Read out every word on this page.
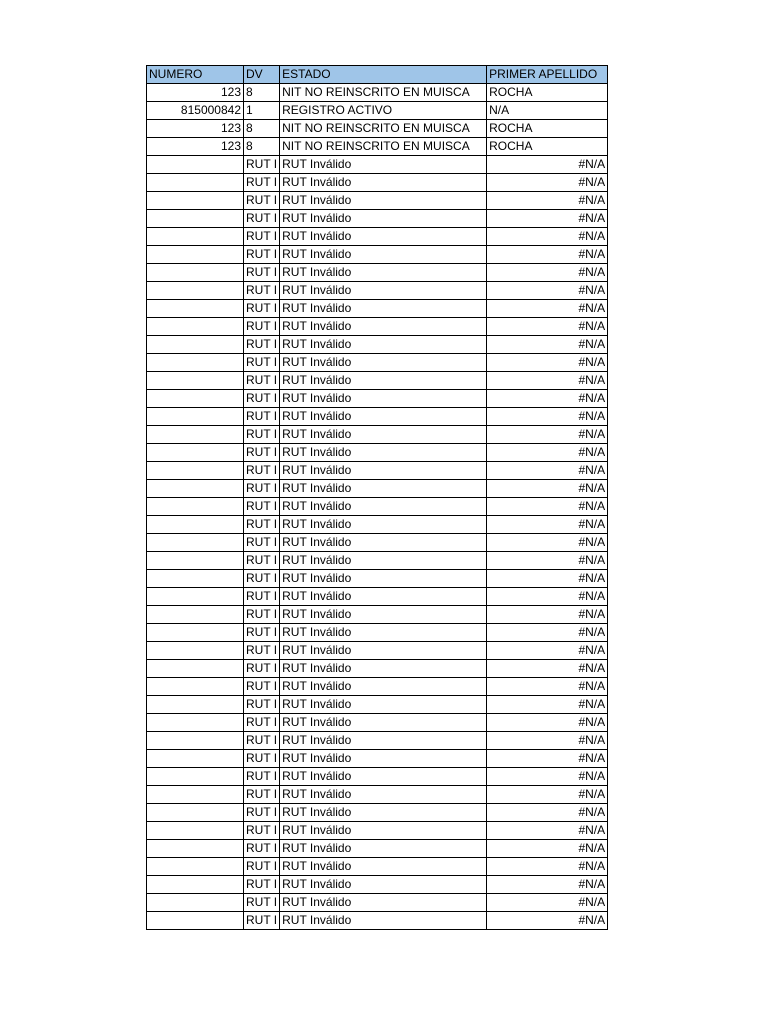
NUMERO	DV	ESTADO	PRIMER APELLIDO
123	8	NIT NO REINSCRITO EN MUISCA	ROCHA
815000842	1	REGISTRO ACTIVO	N/A
123	8	NIT NO REINSCRITO EN MUISCA	ROCHA
123	8	NIT NO REINSCRITO EN MUISCA	ROCHA
	RUT I	RUT Inválido	#N/A
	RUT I	RUT Inválido	#N/A
	RUT I	RUT Inválido	#N/A
	RUT I	RUT Inválido	#N/A
	RUT I	RUT Inválido	#N/A
	RUT I	RUT Inválido	#N/A
	RUT I	RUT Inválido	#N/A
	RUT I	RUT Inválido	#N/A
	RUT I	RUT Inválido	#N/A
	RUT I	RUT Inválido	#N/A
	RUT I	RUT Inválido	#N/A
	RUT I	RUT Inválido	#N/A
	RUT I	RUT Inválido	#N/A
	RUT I	RUT Inválido	#N/A
	RUT I	RUT Inválido	#N/A
	RUT I	RUT Inválido	#N/A
	RUT I	RUT Inválido	#N/A
	RUT I	RUT Inválido	#N/A
	RUT I	RUT Inválido	#N/A
	RUT I	RUT Inválido	#N/A
	RUT I	RUT Inválido	#N/A
	RUT I	RUT Inválido	#N/A
	RUT I	RUT Inválido	#N/A
	RUT I	RUT Inválido	#N/A
	RUT I	RUT Inválido	#N/A
	RUT I	RUT Inválido	#N/A
	RUT I	RUT Inválido	#N/A
	RUT I	RUT Inválido	#N/A
	RUT I	RUT Inválido	#N/A
	RUT I	RUT Inválido	#N/A
	RUT I	RUT Inválido	#N/A
	RUT I	RUT Inválido	#N/A
	RUT I	RUT Inválido	#N/A
	RUT I	RUT Inválido	#N/A
	RUT I	RUT Inválido	#N/A
	RUT I	RUT Inválido	#N/A
	RUT I	RUT Inválido	#N/A
	RUT I	RUT Inválido	#N/A
	RUT I	RUT Inválido	#N/A
	RUT I	RUT Inválido	#N/A
	RUT I	RUT Inválido	#N/A
	RUT I	RUT Inválido	#N/A
	RUT I	RUT Inválido	#N/A
